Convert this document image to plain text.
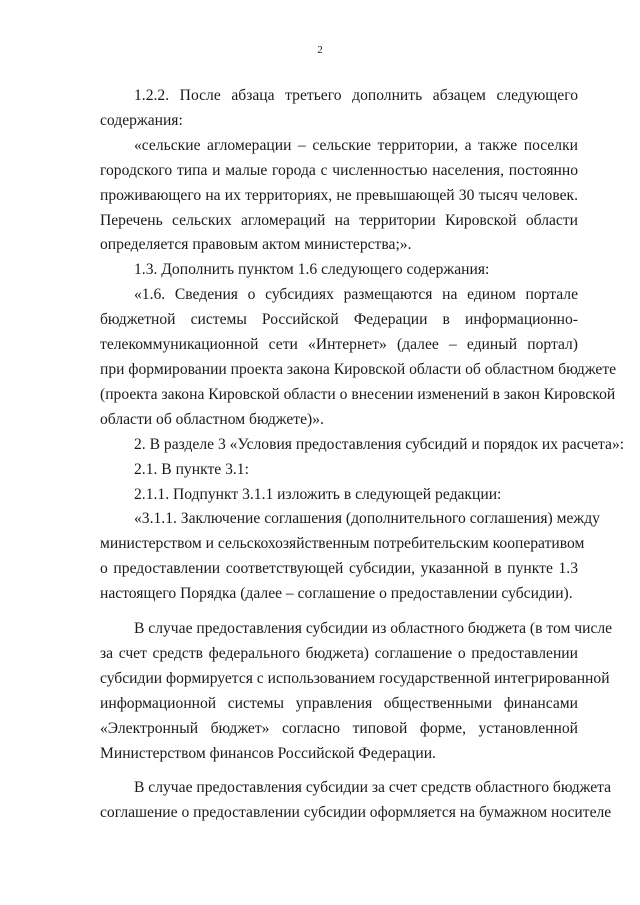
2
1.2.2. После абзаца третьего дополнить абзацем следующего
содержания:
«сельские агломерации – сельские территории, а также поселки
городского типа и малые города с численностью населения, постоянно
проживающего на их территориях, не превышающей 30 тысяч человек.
Перечень сельских агломераций на территории Кировской области
определяется правовым актом министерства;».
1.3. Дополнить пунктом 1.6 следующего содержания:
«1.6. Сведения о субсидиях размещаются на едином портале
бюджетной системы Российской Федерации в информационно-
телекоммуникационной сети «Интернет» (далее – единый портал)
при формировании проекта закона Кировской области об областном бюджете
(проекта закона Кировской области о внесении изменений в закон Кировской
области об областном бюджете)».
2. В разделе 3 «Условия предоставления субсидий и порядок их расчета»:
2.1. В пункте 3.1:
2.1.1. Подпункт 3.1.1 изложить в следующей редакции:
«3.1.1. Заключение соглашения (дополнительного соглашения) между
министерством и сельскохозяйственным потребительским кооперативом
о предоставлении соответствующей субсидии, указанной в пункте 1.3
настоящего Порядка (далее – соглашение о предоставлении субсидии).
В случае предоставления субсидии из областного бюджета (в том числе
за счет средств федерального бюджета) соглашение о предоставлении
субсидии формируется с использованием государственной интегрированной
информационной системы управления общественными финансами
«Электронный бюджет» согласно типовой форме, установленной
Министерством финансов Российской Федерации.
В случае предоставления субсидии за счет средств областного бюджета
соглашение о предоставлении субсидии оформляется на бумажном носителе
